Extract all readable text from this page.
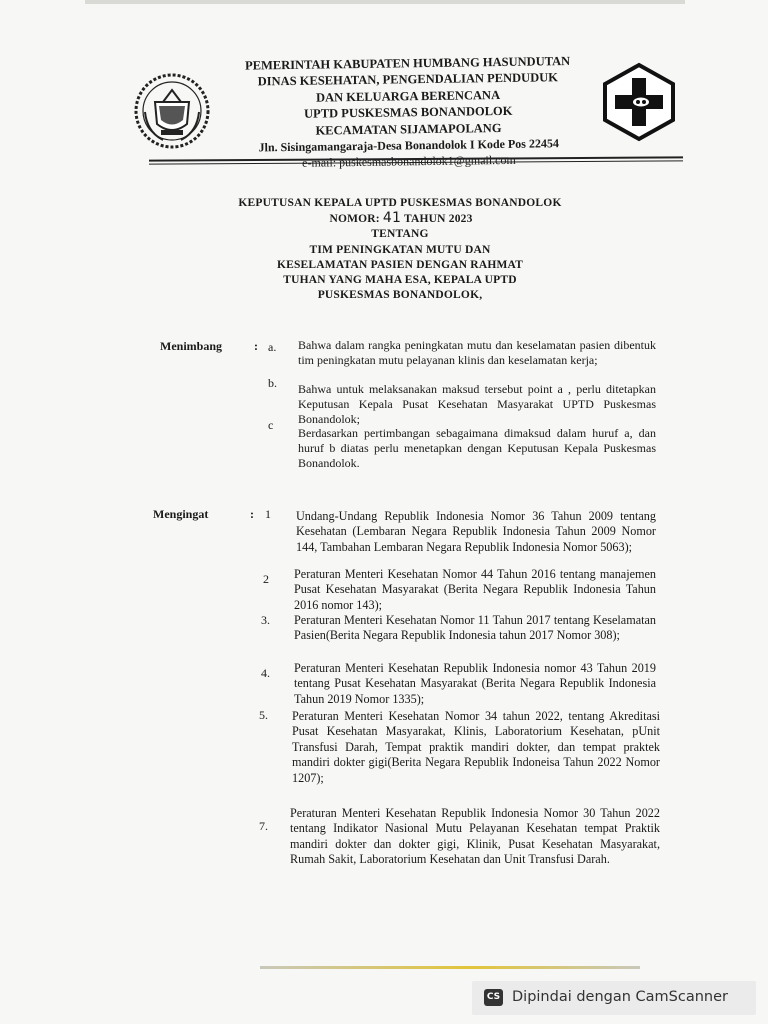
PEMERINTAH KABUPATEN HUMBANG HASUNDUTAN
DINAS KESEHATAN, PENGENDALIAN PENDUDUK
DAN KELUARGA BERENCANA
UPTD PUSKESMAS BONANDOLOK
KECAMATAN SIJAMAPOLANG
Jln. Sisingamangaraja-Desa Bonandolok I Kode Pos 22454
KEPUTUSAN KEPALA UPTD PUSKESMAS BONANDOLOK
NOMOR: 41 TAHUN 2023
TENTANG
TIM PENINGKATAN MUTU DAN
KESELAMATAN PASIEN DENGAN RAHMAT
TUHAN YANG MAHA ESA, KEPALA UPTD
PUSKESMAS BONANDOLOK,
Menimbang	: a. Bahwa dalam rangka peningkatan mutu dan keselamatan pasien dibentuk tim peningkatan mutu pelayanan klinis dan keselamatan kerja;
b. Bahwa untuk melaksanakan maksud tersebut point a , perlu ditetapkan Keputusan Kepala Pusat Kesehatan Masyarakat UPTD Puskesmas Bonandolok;
c
Berdasarkan pertimbangan sebagaimana dimaksud dalam huruf a, dan huruf b diatas perlu menetapkan dengan Keputusan Kepala Puskesmas Bonandolok.
Mengingat	: 1 Undang-Undang Republik Indonesia Nomor 36 Tahun 2009 tentang Kesehatan (Lembaran Negara Republik Indonesia Tahun 2009 Nomor 144, Tambahan Lembaran Negara Republik Indonesia Nomor 5063);
2 Peraturan Menteri Kesehatan Nomor 44 Tahun 2016 tentang manajemen Pusat Kesehatan Masyarakat (Berita Negara Republik Indonesia Tahun 2016 nomor 143);
3. Peraturan Menteri Kesehatan Nomor 11 Tahun 2017 tentang Keselamatan Pasien(Berita Negara Republik Indonesia tahun 2017 Nomor 308);
4. Peraturan Menteri Kesehatan Republik Indonesia nomor 43 Tahun 2019 tentang Pusat Kesehatan Masyarakat (Berita Negara Republik Indonesia Tahun 2019 Nomor 1335);
5. Peraturan Menteri Kesehatan Nomor 34 tahun 2022, tentang Akreditasi Pusat Kesehatan Masyarakat, Klinis, Laboratorium Kesehatan, pUnit Transfusi Darah, Tempat praktik mandiri dokter, dan tempat praktek mandiri dokter gigi(Berita Negara Republik Indoneisa Tahun 2022 Nomor 1207);
7.
Peraturan Menteri Kesehatan Republik Indonesia Nomor 30 Tahun 2022 tentang Indikator Nasional Mutu Pelayanan Kesehatan tempat Praktik mandiri dokter dan dokter gigi, Klinik, Pusat Kesehatan Masyarakat, Rumah Sakit, Laboratorium Kesehatan dan Unit Transfusi Darah.
CS Dipindai dengan CamScanner
